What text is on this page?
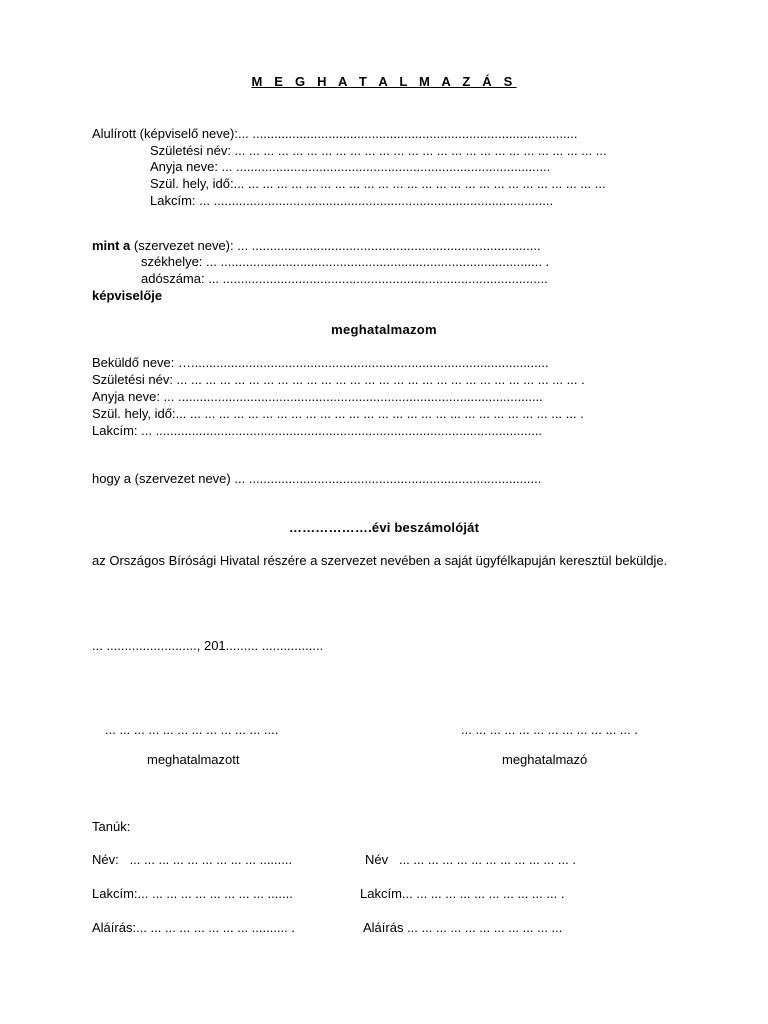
M E G H A T A L M A Z Á S
Alulírott (képviselő neve):... ..........................................................................................
Születési név: ... ... ... ... ... ... ... ... ... ... ... ... ... ... ... ... ... ... ... ... ... ... ... ... ... ...
Anyja neve: ... .......................................................................................
Szül. hely, idő:... ... ... ... ... ... ... ... ... ... ... ... ... ... ... ... ... ... ... ... ... ... ... ... ... ...
Lakcím: ... ..............................................................................................
mint a (szervezet neve): ... ................................................................................
székhelye: ... ......................................................................................... .
adószáma: ... ..........................................................................................
képviselője
meghatalmazom
Beküldő neve: …...................................................................................................
Születési név: ... ... ... ... ... ... ... ... ... ... ... ... ... ... ... ... ... ... ... ... ... ... ... ... ... ... ... ... .
Anyja neve: ... .....................................................................................................
Szül. hely, idő:... ... ... ... ... ... ... ... ... ... ... ... ... ... ... ... ... ... ... ... ... ... ... ... ... ... ... ... .
Lakcím: ... ...........................................................................................................
hogy a (szervezet neve) ... .................................................................................
……………….évi beszámolóját
az Országos Bírósági Hivatal részére a szervezet nevében a saját ügyfélkapuján keresztül beküldje.
... ........................., 201......... .................
... ... ... ... ... ... ... ... ... ... ... ....	... ... ... ... ... ... ... ... ... ... ... ... .
meghatalmazott	meghatalmazó
Tanúk:
Név:   ... ... ... ... ... ... ... ... ... .........	Név   ... ... ... ... ... ... ... ... ... ... ... ... .
Lakcím:... ... ... ... ... ... ... ... ... .......	Lakcím... ... ... ... ... ... ... ... ... ... ... .
Aláírás:... ... ... ... ... ... ... ... .......... .	Aláírás ... ... ... ... ... ... ... ... ... ... ...
